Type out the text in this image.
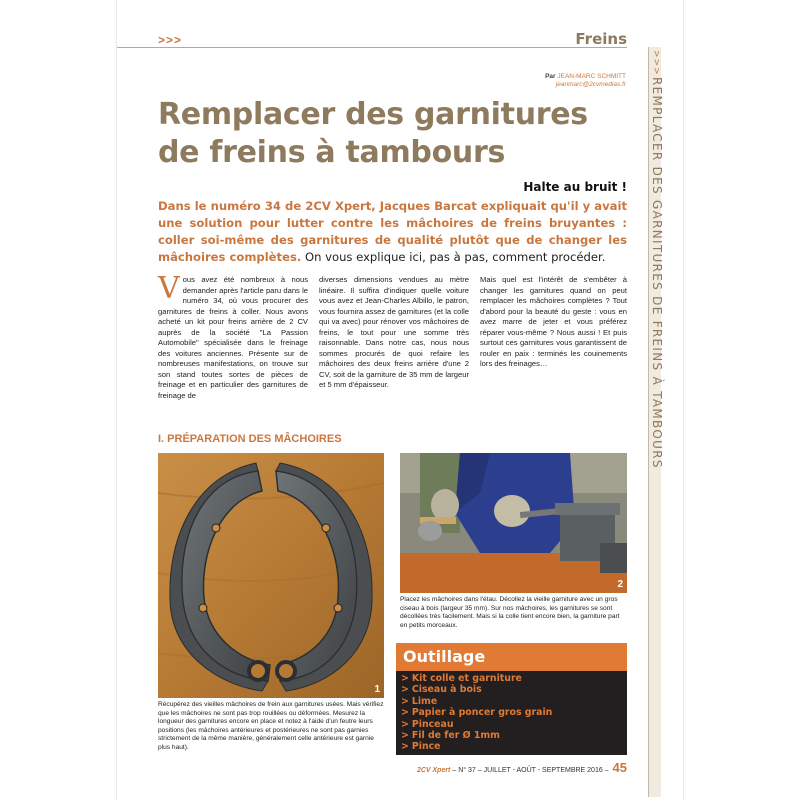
>>>	Freins
>>>
REMPLACER DES GARNITURES DE FREINS À TAMBOURS
Par JEAN-MARC SCHMITT
jeanmarc@2cvmedias.fr
Remplacer des garnitures
de freins à tambours
Halte au bruit !

Dans le numéro 34 de 2CV Xpert, Jacques Barcat expliquait qu'il y avait une solution pour lutter contre les mâchoires de freins bruyantes : coller soi-même des garnitures de qualité plutôt que de changer les mâchoires complètes. On vous explique ici, pas à pas, comment procéder.

Vous avez été nombreux à nous demander après l'article paru dans le numéro 34, où vous procurer des garnitures de freins à coller. Nous avons acheté un kit pour freins arrière de 2 CV auprès de la société "La Passion Automobile" spécialisée dans le freinage des voitures anciennes. Présente sur de nombreuses manifestations, on trouve sur son stand toutes sortes de pièces de freinage et en particulier des garnitures de freinage de
diverses dimensions vendues au mètre linéaire. Il suffira d'indiquer quelle voiture vous avez et Jean-Charles Albillo, le patron, vous fournira assez de garnitures (et la colle qui va avec) pour rénover vos mâchoires de freins, le tout pour une somme très raisonnable. Dans notre cas, nous nous sommes procurés de quoi refaire les mâchoires des deux freins arrière d'une 2 CV, soit de la garniture de 35 mm de largeur et 5 mm d'épaisseur.
Mais quel est l'intérêt de s'embêter à changer les garnitures quand on peut remplacer les mâchoires complètes ? Tout d'abord pour la beauté du geste : vous en avez marre de jeter et vous préférez réparer vous-même ? Nous aussi ! Et puis surtout ces garnitures vous garantissent de rouler en paix : terminés les couinements lors des freinages…
I. PRÉPARATION DES MÂCHOIRES
1
2
Placez les mâchoires dans l'étau. Décollez la vieille garniture avec un gros ciseau à bois (largeur 35 mm). Sur nos mâchoires, les garnitures se sont décollées très facilement. Mais si la colle tient encore bien, la garniture part en petits morceaux.
Récupérez des vieilles mâchoires de frein aux garnitures usées. Mais vérifiez que les mâchoires ne sont pas trop rouillées ou déformées. Mesurez la longueur des garnitures encore en place et notez à l'aide d'un feutre leurs positions (les mâchoires antérieures et postérieures ne sont pas garnies strictement de la même manière, généralement celle antérieure est garnie plus haut).
Outillage
> Kit colle et garniture
> Ciseau à bois
> Lime
> Papier à poncer gros grain
> Pinceau
> Fil de fer Ø 1mm
> Pince
2CV Xpert – N° 37 – JUILLET - AOÛT - SEPTEMBRE 2016 – 45
